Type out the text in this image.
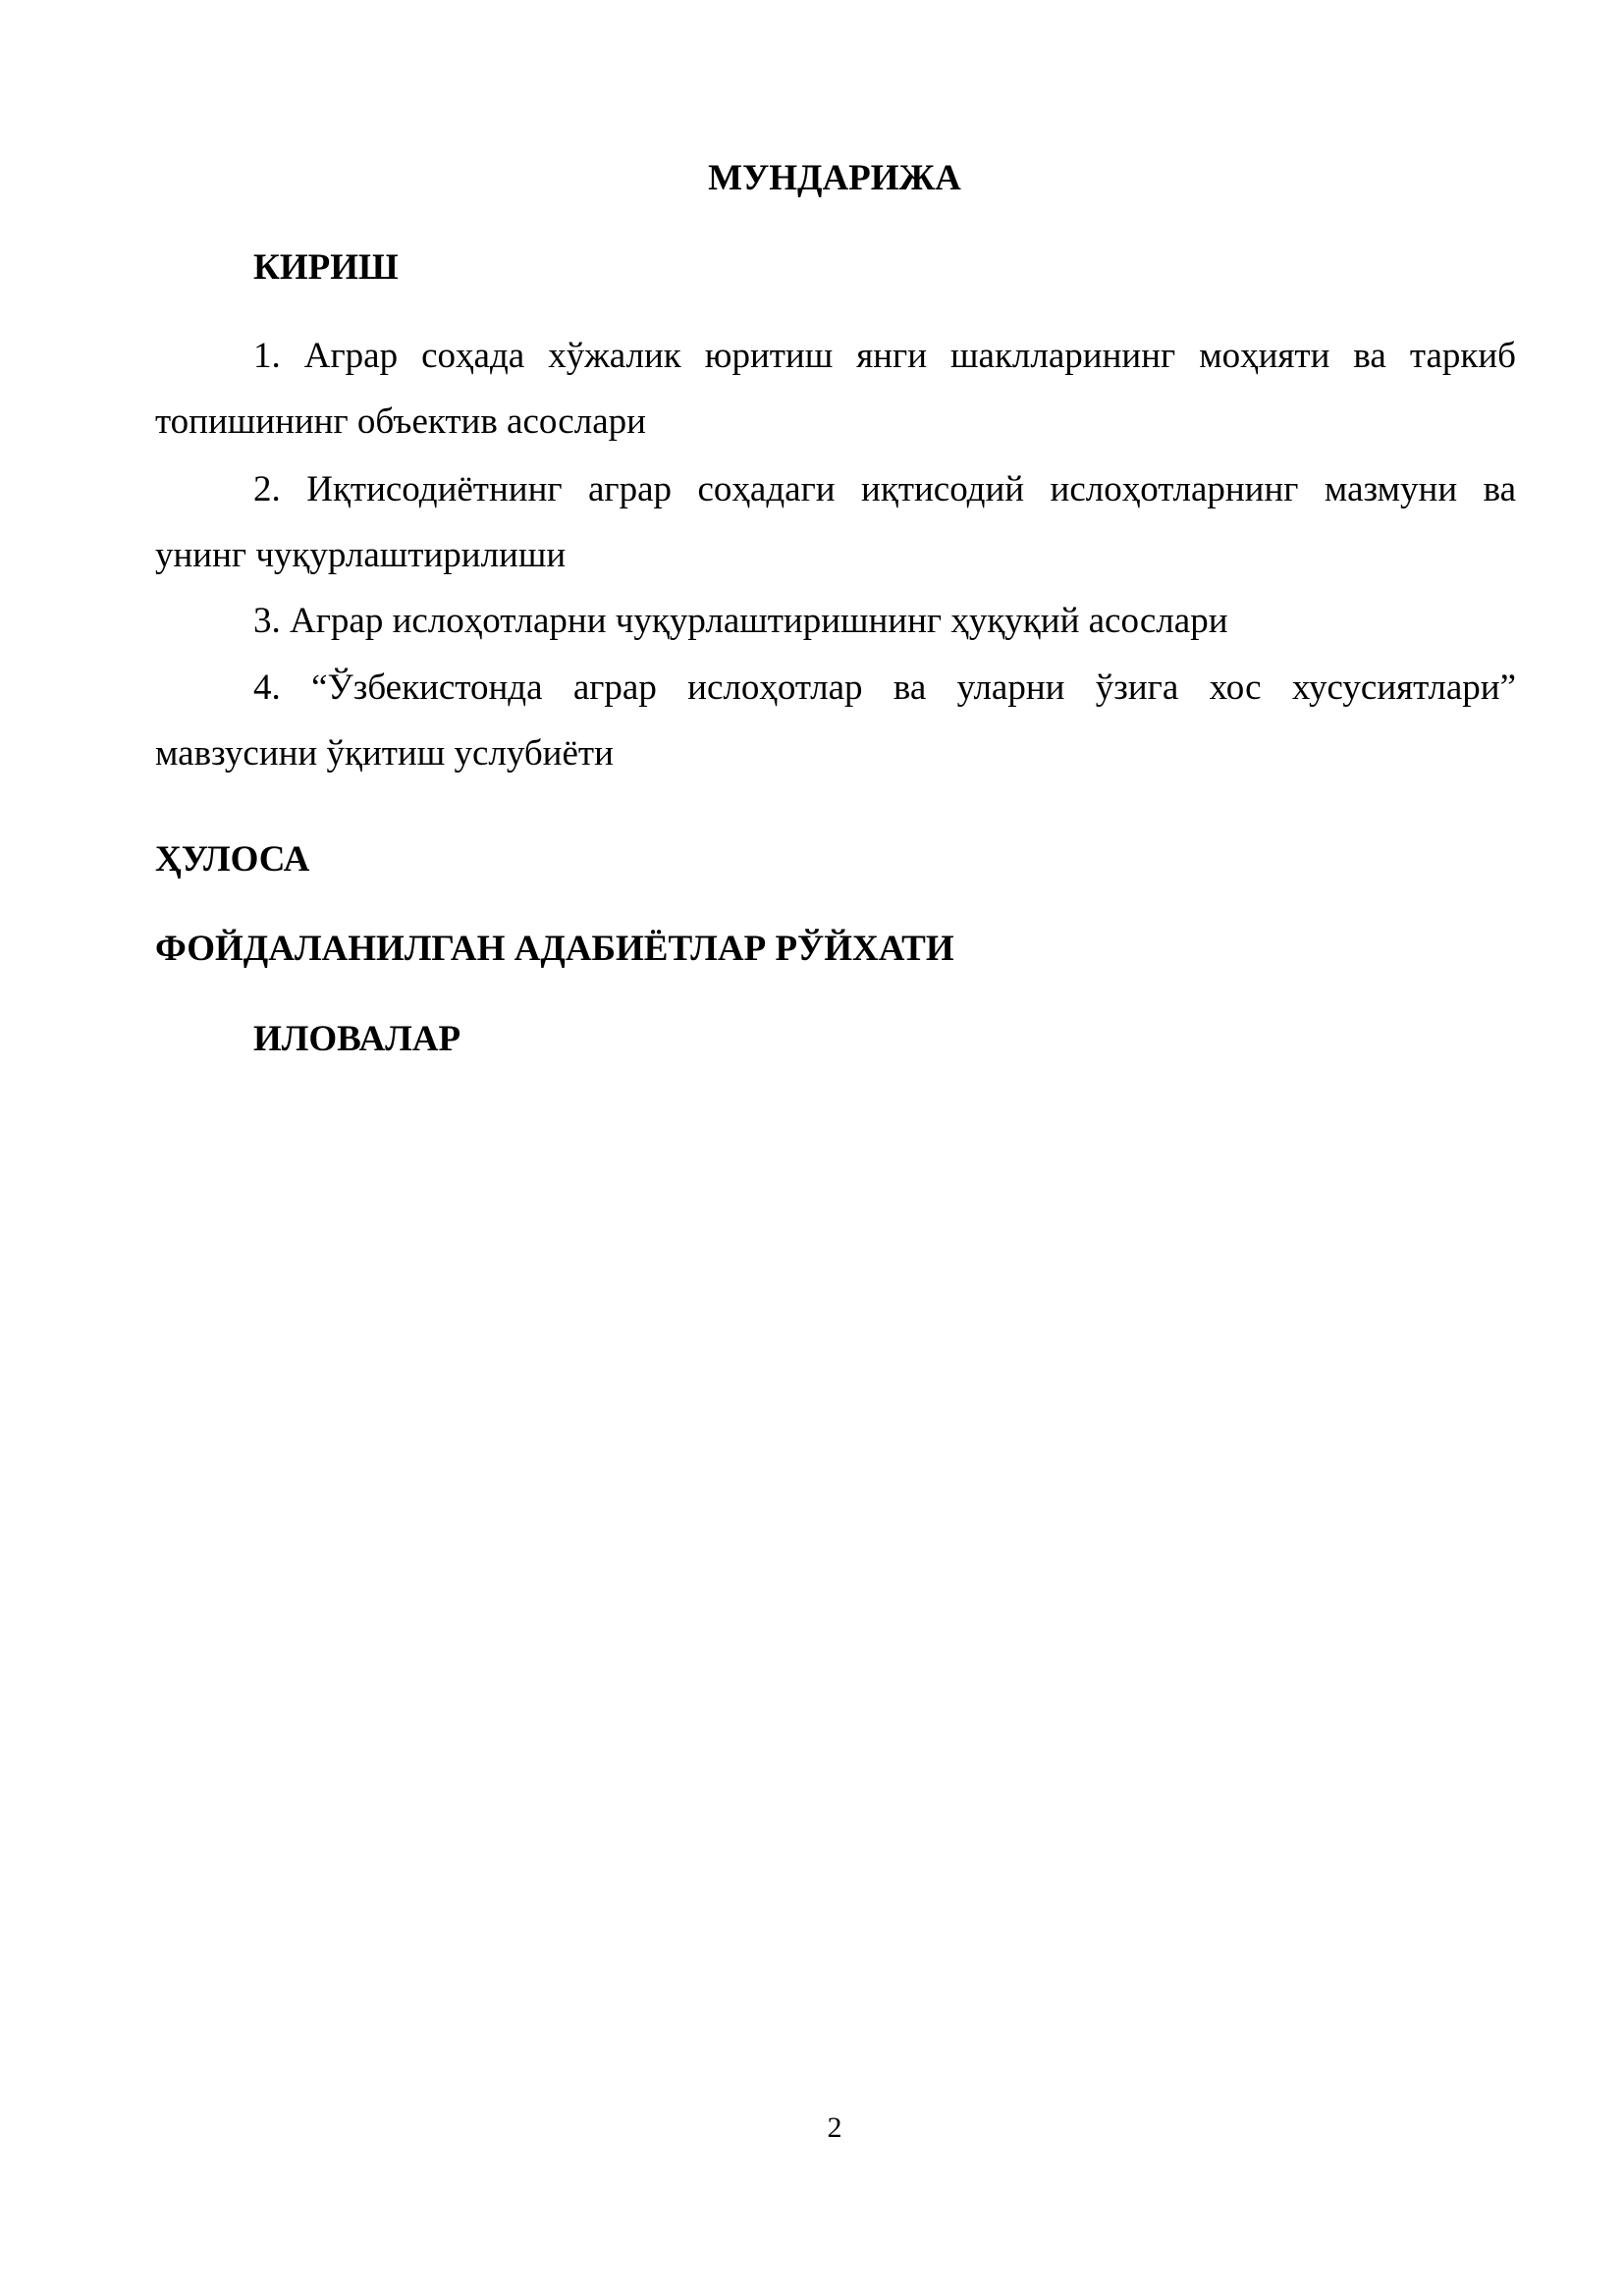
МУНДАРИЖА
КИРИШ
1. Аграр соҳада хўжалик юритиш янги шаклларининг моҳияти ва таркиб
топишининг объектив асослари
2. Иқтисодиётнинг аграр соҳадаги иқтисодий ислоҳотларнинг мазмуни ва
унинг чуқурлаштирилиши
3. Аграр ислоҳотларни чуқурлаштиришнинг ҳуқуқий асослари
4. “Ўзбекистонда аграр ислоҳотлар ва уларни ўзига хос хусусиятлари”
мавзусини ўқитиш услубиёти
ҲУЛОСА
ФОЙДАЛАНИЛГАН АДАБИЁТЛАР РЎЙХАТИ
ИЛОВАЛАР
2
